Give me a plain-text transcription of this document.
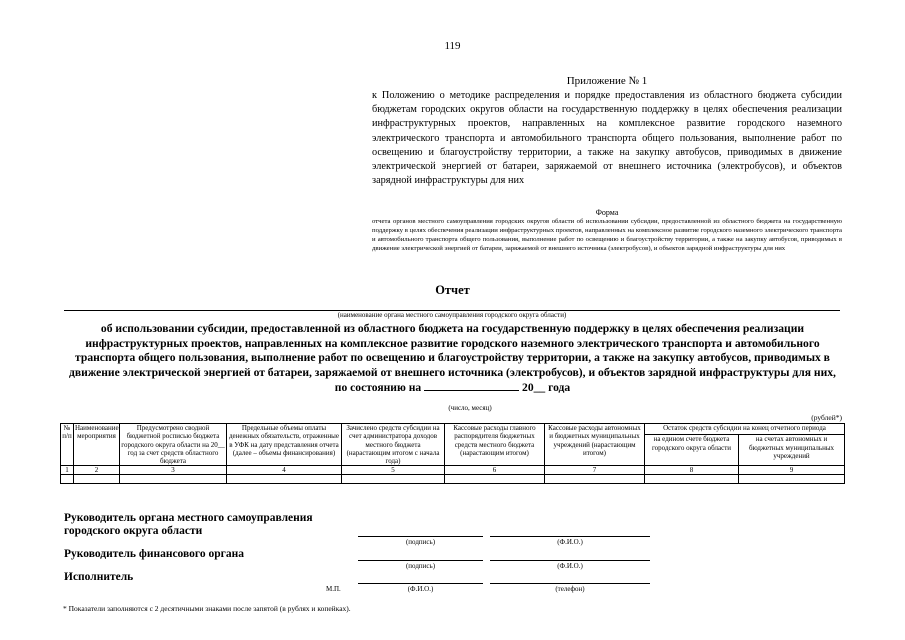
119
Приложение № 1
к Положению о методике распределения и порядке предоставления из областного бюджета субсидии бюджетам городских округов области на государственную поддержку в целях обеспечения реализации инфраструктурных проектов, направленных на комплексное развитие городского наземного электрического транспорта и автомобильного транспорта общего пользования, выполнение работ по освещению и благоустройству территории, а также на закупку автобусов, приводимых в движение электрической энергией от батареи, заряжаемой от внешнего источника (электробусов), и объектов зарядной инфраструктуры для них
Форма
отчета органов местного самоуправления городских округов области об использовании субсидии, предоставленной из областного бюджета на государственную поддержку в целях обеспечения реализации инфраструктурных проектов, направленных на комплексное развитие городского наземного электрического транспорта и автомобильного транспорта общего пользования, выполнение работ по освещению и благоустройству территории, а также на закупку автобусов, приводимых в движение электрической энергией от батареи, заряжаемой от внешнего источника (электробусов), и объектов зарядной инфраструктуры для них
Отчет
(наименование органа местного самоуправления городского округа области)
об использовании субсидии, предоставленной из областного бюджета на государственную поддержку в целях обеспечения реализации инфраструктурных проектов, направленных на комплексное развитие городского наземного электрического транспорта и автомобильного транспорта общего пользования, выполнение работ по освещению и благоустройству территории, а также на закупку автобусов, приводимых в движение электрической энергией от батареи, заряжаемой от внешнего источника (электробусов), и объектов зарядной инфраструктуры для них,
по состоянию на	20__ года
(число, месяц)
(рублей*)
№ п/п	Наименование мероприятия	Предусмотрено сводной бюджетной росписью бюджета городского округа области на 20__ год за счет средств областного бюджета	Предельные объемы оплаты денежных обязательств, отраженные в УФК на дату представления отчета (далее – объемы финансирования)	Зачислено средств субсидии на счет администратора доходов местного бюджета (нарастающим итогом с начала года)	Кассовые расходы главного распорядителя бюджетных средств местного бюджета (нарастающим итогом)	Кассовые расходы автономных и бюджетных муниципальных учреждений (нарастающим итогом)	Остаток средств субсидии на конец отчетного периода	
							на едином счете бюджета городского округа области	на счетах автономных и бюджетных муниципальных учреждений
1	2	3	4	5	6	7	8	9

Руководитель органа местного самоуправления
городского округа области
(подпись)	(Ф.И.О.)
Руководитель финансового органа
(подпись)	(Ф.И.О.)
Исполнитель
М.П.	(Ф.И.О.)	(телефон)
* Показатели заполняются с 2 десятичными знаками после запятой (в рублях и копейках).
